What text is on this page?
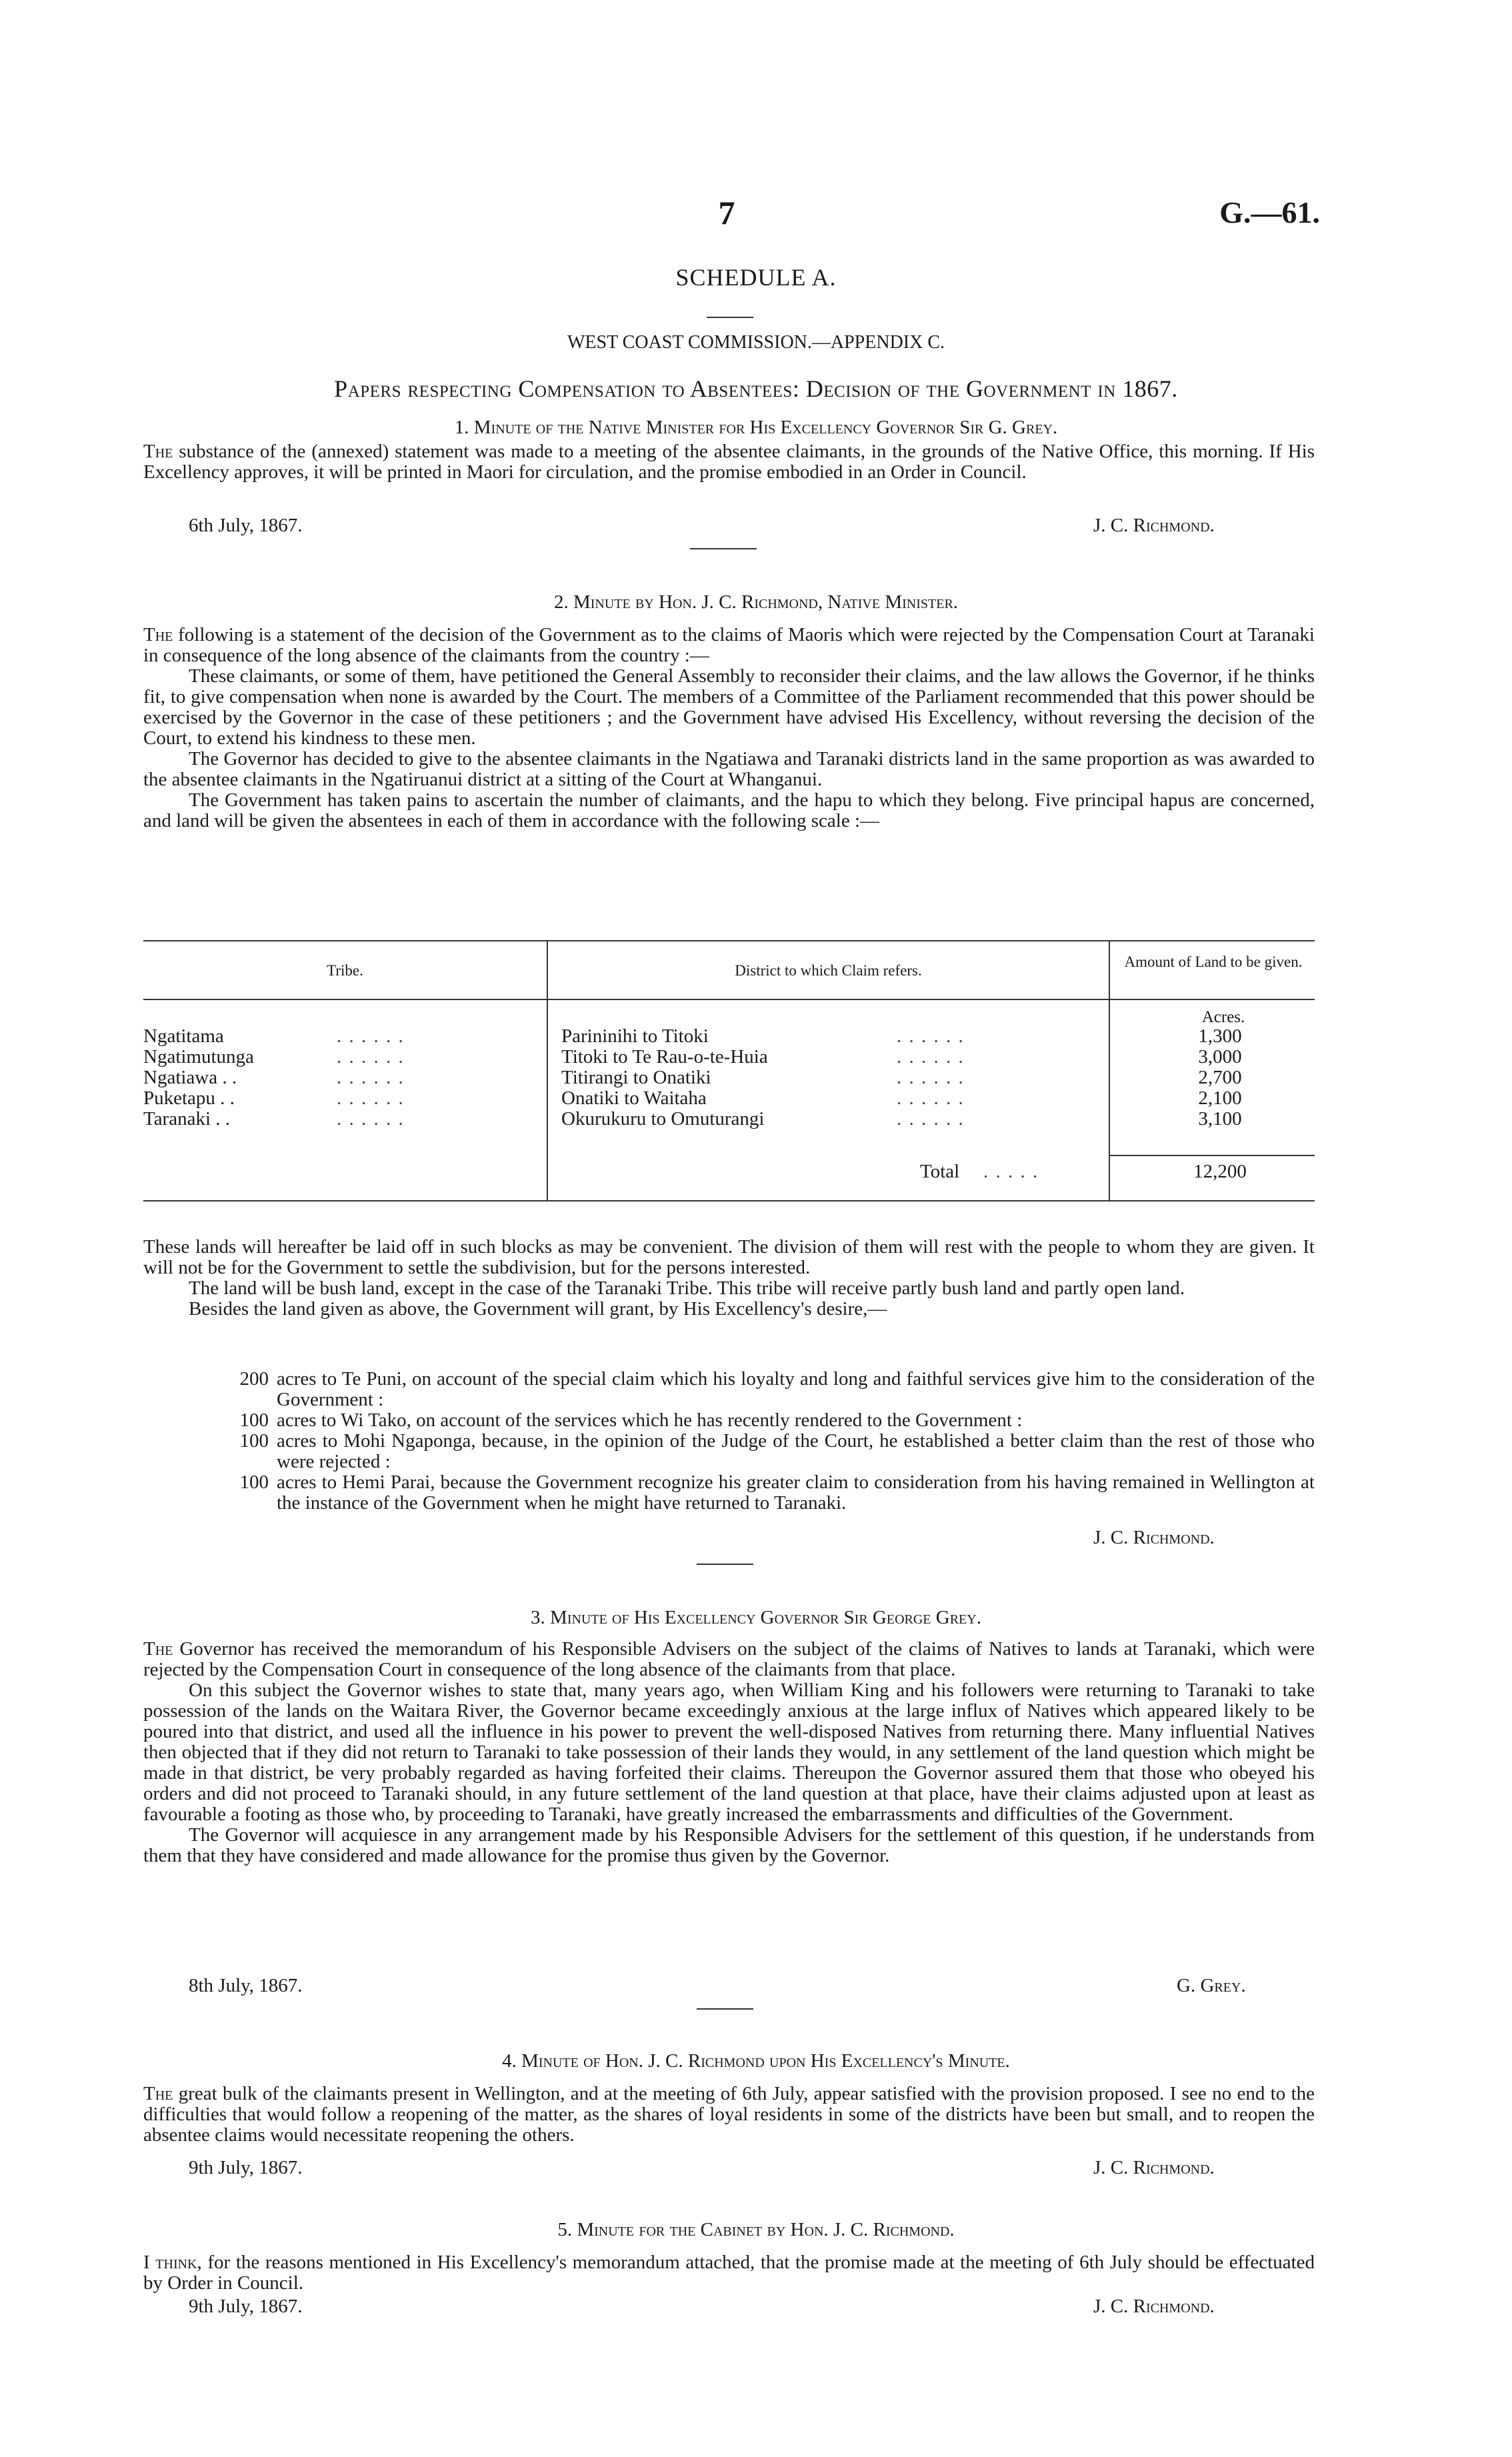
7	G.—61.
SCHEDULE A.
WEST COAST COMMISSION.—APPENDIX C.
Papers respecting Compensation to Absentees: Decision of the Government in 1867.
1. Minute of the Native Minister for His Excellency Governor Sir G. Grey.

The substance of the (annexed) statement was made to a meeting of the absentee claimants, in the grounds of the Native Office, this morning. If His Excellency approves, it will be printed in Maori for circulation, and the promise embodied in an Order in Council.

6th July, 1867.	J. C. Richmond.
2. Minute by Hon. J. C. Richmond, Native Minister.

The following is a statement of the decision of the Government as to the claims of Maoris which were rejected by the Compensation Court at Taranaki in consequence of the long absence of the claimants from the country :—

These claimants, or some of them, have petitioned the General Assembly to reconsider their claims, and the law allows the Governor, if he thinks fit, to give compensation when none is awarded by the Court. The members of a Committee of the Parliament recommended that this power should be exercised by the Governor in the case of these petitioners ; and the Government have advised His Excellency, without reversing the decision of the Court, to extend his kindness to these men.

The Governor has decided to give to the absentee claimants in the Ngatiawa and Taranaki districts land in the same proportion as was awarded to the absentee claimants in the Ngatiruanui district at a sitting of the Court at Whanganui.

The Government has taken pains to ascertain the number of claimants, and the hapu to which they belong. Five principal hapus are concerned, and land will be given the absentees in each of them in accordance with the following scale :—

Tribe.	District to which Claim refers.
Amount of Land to be given.
Acres.
Ngatitama	. . . . . .	Parininihi to Titoki	. . . . . .	1,300
Ngatimutunga	. . . . . .	Titoki to Te Rau-o-te-Huia	. . . . . .	3,000
Ngatiawa . .	. . . . . .	Titirangi to Onatiki	. . . . . .	2,700
Puketapu . .	. . . . . .	Onatiki to Waitaha	. . . . . .	2,100
Taranaki . .	. . . . . .	Okurukuru to Omuturangi	. . . . . .	3,100
Total . . . . .	12,200

These lands will hereafter be laid off in such blocks as may be convenient. The division of them will rest with the people to whom they are given. It will not be for the Government to settle the subdivision, but for the persons interested.

The land will be bush land, except in the case of the Taranaki Tribe. This tribe will receive partly bush land and partly open land.

Besides the land given as above, the Government will grant, by His Excellency's desire,—

200 acres to Te Puni, on account of the special claim which his loyalty and long and faithful services give him to the consideration of the Government :
100 acres to Wi Tako, on account of the services which he has recently rendered to the Government :
100 acres to Mohi Ngaponga, because, in the opinion of the Judge of the Court, he established a better claim than the rest of those who were rejected :
100 acres to Hemi Parai, because the Government recognize his greater claim to consideration from his having remained in Wellington at the instance of the Government when he might have returned to Taranaki.
J. C. Richmond.
3. Minute of His Excellency Governor Sir George Grey.

The Governor has received the memorandum of his Responsible Advisers on the subject of the claims of Natives to lands at Taranaki, which were rejected by the Compensation Court in consequence of the long absence of the claimants from that place.

On this subject the Governor wishes to state that, many years ago, when William King and his followers were returning to Taranaki to take possession of the lands on the Waitara River, the Governor became exceedingly anxious at the large influx of Natives which appeared likely to be poured into that district, and used all the influence in his power to prevent the well-disposed Natives from returning there. Many influential Natives then objected that if they did not return to Taranaki to take possession of their lands they would, in any settlement of the land question which might be made in that district, be very probably regarded as having forfeited their claims. Thereupon the Governor assured them that those who obeyed his orders and did not proceed to Taranaki should, in any future settlement of the land question at that place, have their claims adjusted upon at least as favourable a footing as those who, by proceeding to Taranaki, have greatly increased the embarrassments and difficulties of the Government.

The Governor will acquiesce in any arrangement made by his Responsible Advisers for the settlement of this question, if he understands from them that they have considered and made allowance for the promise thus given by the Governor.

8th July, 1867.	G. Grey.
4. Minute of Hon. J. C. Richmond upon His Excellency's Minute.

The great bulk of the claimants present in Wellington, and at the meeting of 6th July, appear satisfied with the provision proposed. I see no end to the difficulties that would follow a reopening of the matter, as the shares of loyal residents in some of the districts have been but small, and to reopen the absentee claims would necessitate reopening the others.

9th July, 1867.	J. C. Richmond.
5. Minute for the Cabinet by Hon. J. C. Richmond.

I think, for the reasons mentioned in His Excellency's memorandum attached, that the promise made at the meeting of 6th July should be effectuated by Order in Council.

9th July, 1867.	J. C. Richmond.
